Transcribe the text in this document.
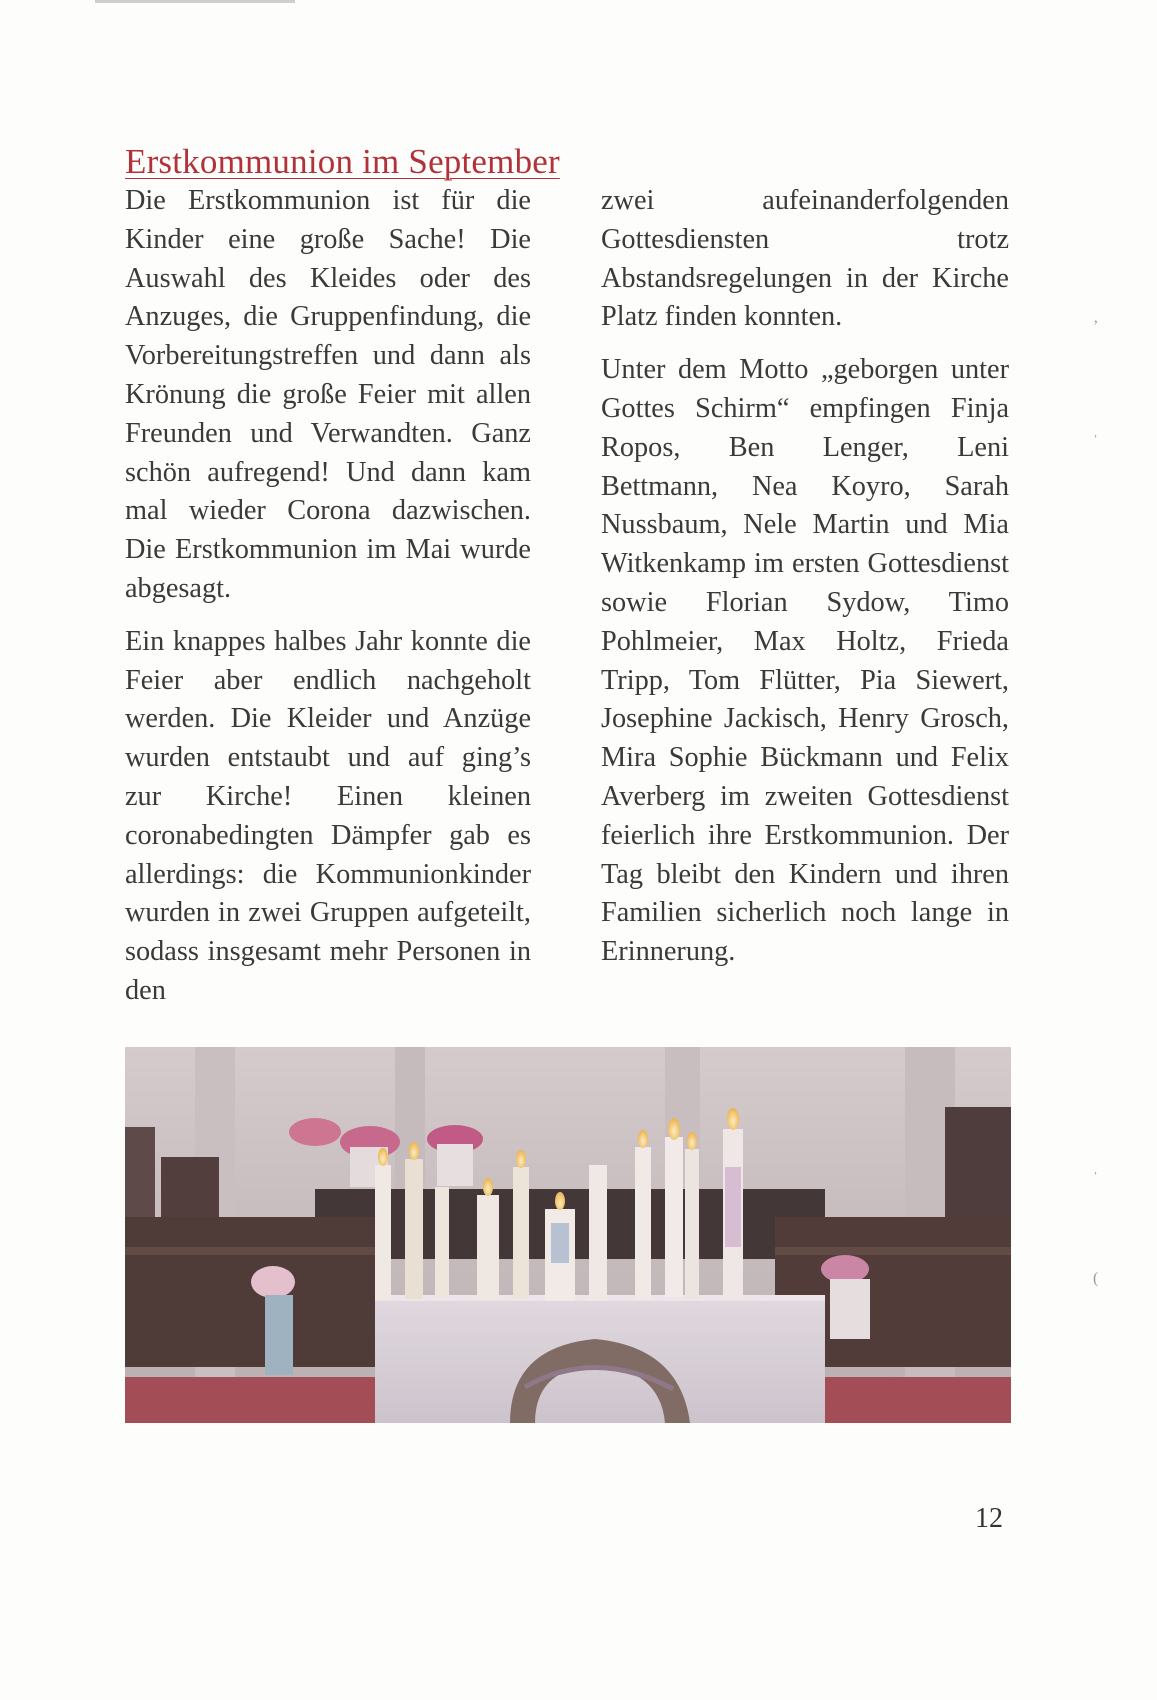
’
ˈ
ˈ
(
Erstkommunion im September

Die Erstkommunion ist für die Kinder eine große Sache! Die Auswahl des Kleides oder des Anzuges, die Gruppenfindung, die Vorbereitungstreffen und dann als Krönung die große Feier mit allen Freunden und Verwandten. Ganz schön aufregend! Und dann kam mal wieder Corona dazwischen. Die Erstkommunion im Mai wurde abgesagt.

Ein knappes halbes Jahr konnte die Feier aber endlich nachgeholt werden. Die Kleider und Anzüge wurden entstaubt und auf ging’s zur Kirche! Einen kleinen coronabedingten Dämpfer gab es allerdings: die Kommunionkinder wurden in zwei Gruppen aufgeteilt, sodass insgesamt mehr Personen in den

zwei aufeinanderfolgenden Gottesdiensten trotz Abstandsregelungen in der Kirche Platz finden konnten.

Unter dem Motto „geborgen unter Gottes Schirm“ empfingen Finja Ropos, Ben Lenger, Leni Bettmann, Nea Koyro, Sarah Nussbaum, Nele Martin und Mia Witkenkamp im ersten Gottesdienst sowie Florian Sydow, Timo Pohlmeier, Max Holtz, Frieda Tripp, Tom Flütter, Pia Siewert, Josephine Jackisch, Henry Grosch, Mira Sophie Bückmann und Felix Averberg im zweiten Gottesdienst feierlich ihre Erstkommunion. Der Tag bleibt den Kindern und ihren Familien sicherlich noch lange in Erinnerung.

12
